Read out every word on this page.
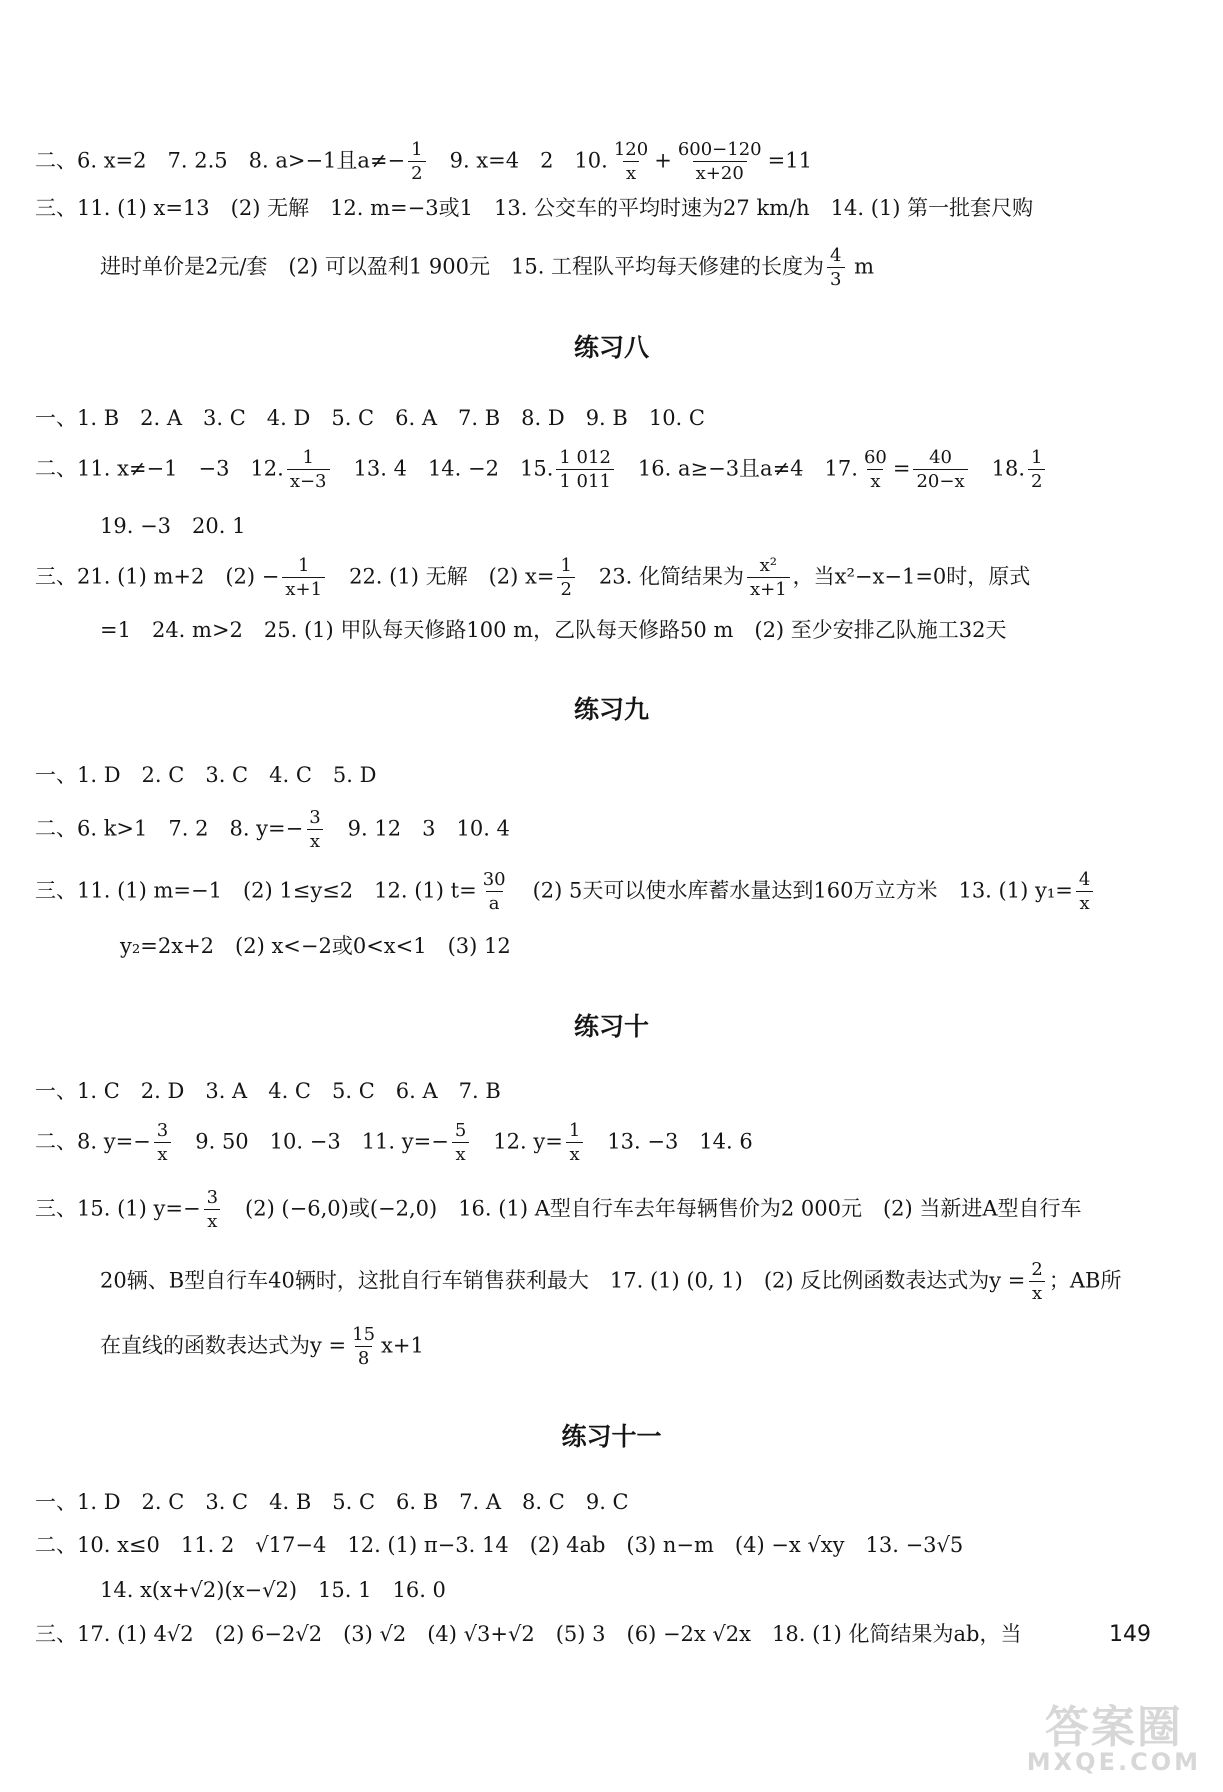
二、6. x=2　7. 2.5　8. a>−1且$a\ne- \frac{1}{2}$ 　9. x=4　2　10. $\frac{120}{x} + \frac{600-120}{x+20} =11$
三、11. (1) x=13　(2) 无解　12. m=−3或1　13. 公交车的平均时速为27 km/h　14. (1) 第一批套尺购
进时单价是2元/套　(2) 可以盈利1 900元　15. 工程队平均每天修建的长度为 $\frac{4}{3}$ m
练习八
一、1. B　2. A　3. C　4. D　5. C　6. A　7. B　8. D　9. B　10. C
二、11. x≠−1　−3　12. $\frac{1}{x-3}$ 　13. 4　14. −2　15. $\frac{1 012}{1 011}$ 　16. a≥−3且a≠4　17. $\frac{60}{x} = \frac{40}{20-x}$ 　18. $\frac{1}{2}$
19. −3　20. 1
三、21. (1) m+2　$(2) - \frac{1}{x+1}$ 　22. (1) 无解　(2) $x= \frac{1}{2}$ 　23. 化简结果为 $\frac{\text{x²}}{x+1}$ ，当x²−x−1=0时，原式
=1　24. m>2　25. (1) 甲队每天修路100 m，乙队每天修路50 m　(2) 至少安排乙队施工32天
练习九
一、1. D　2. C　3. C　4. C　5. D
二、6. k>1　7. 2　8. $y=- \frac{3}{x}$ 　9. 12　3　10. 4
三、11. (1) m=−1　(2) 1≤y≤2　12. (1) $t= \frac{30}{a}$ 　(2) 5天可以使水库蓄水量达到160万立方米　13. (1) $y_1= \frac{4}{x}$
y₂=2x+2　(2) x<−2或0<x<1　(3) 12
练习十
一、1. C　2. D　3. A　4. C　5. C　6. A　7. B
二、8. $y=- \frac{3}{x}$ 　9. 50　10. −3　11. $y=- \frac{5}{x}$ 　12. $y= \frac{1}{x}$ 　13. −3　14. 6
三、15. (1) $y=- \frac{3}{x}$ 　(2) (−6,0)或(−2,0)　16. (1) A型自行车去年每辆售价为2 000元　(2) 当新进A型自行车
20辆、B型自行车40辆时，这批自行车销售获利最大　17. (1) (0, 1)　(2) 反比例函数表达式为$y = \frac{2}{x}$ ；AB所
在直线的函数表达式为$y = \frac{15}{8} x+1$
练习十一
一、1. D　2. C　3. C　4. B　5. C　6. B　7. A　8. C　9. C
二、10. x≤0　11. 2　√17−4　12. (1) π−3. 14　(2) 4ab　(3) n−m　(4) −x √xy　13. −3√5
14. x(x+√2)(x−√2)　15. 1　16. 0
三、17. (1) 4√2　(2) 6−2√2　(3) √2　(4) √3+√2　(5) 3　(6) −2x √2x　18. (1) 化简结果为ab，当	149
答案圈
MXQE.COM
